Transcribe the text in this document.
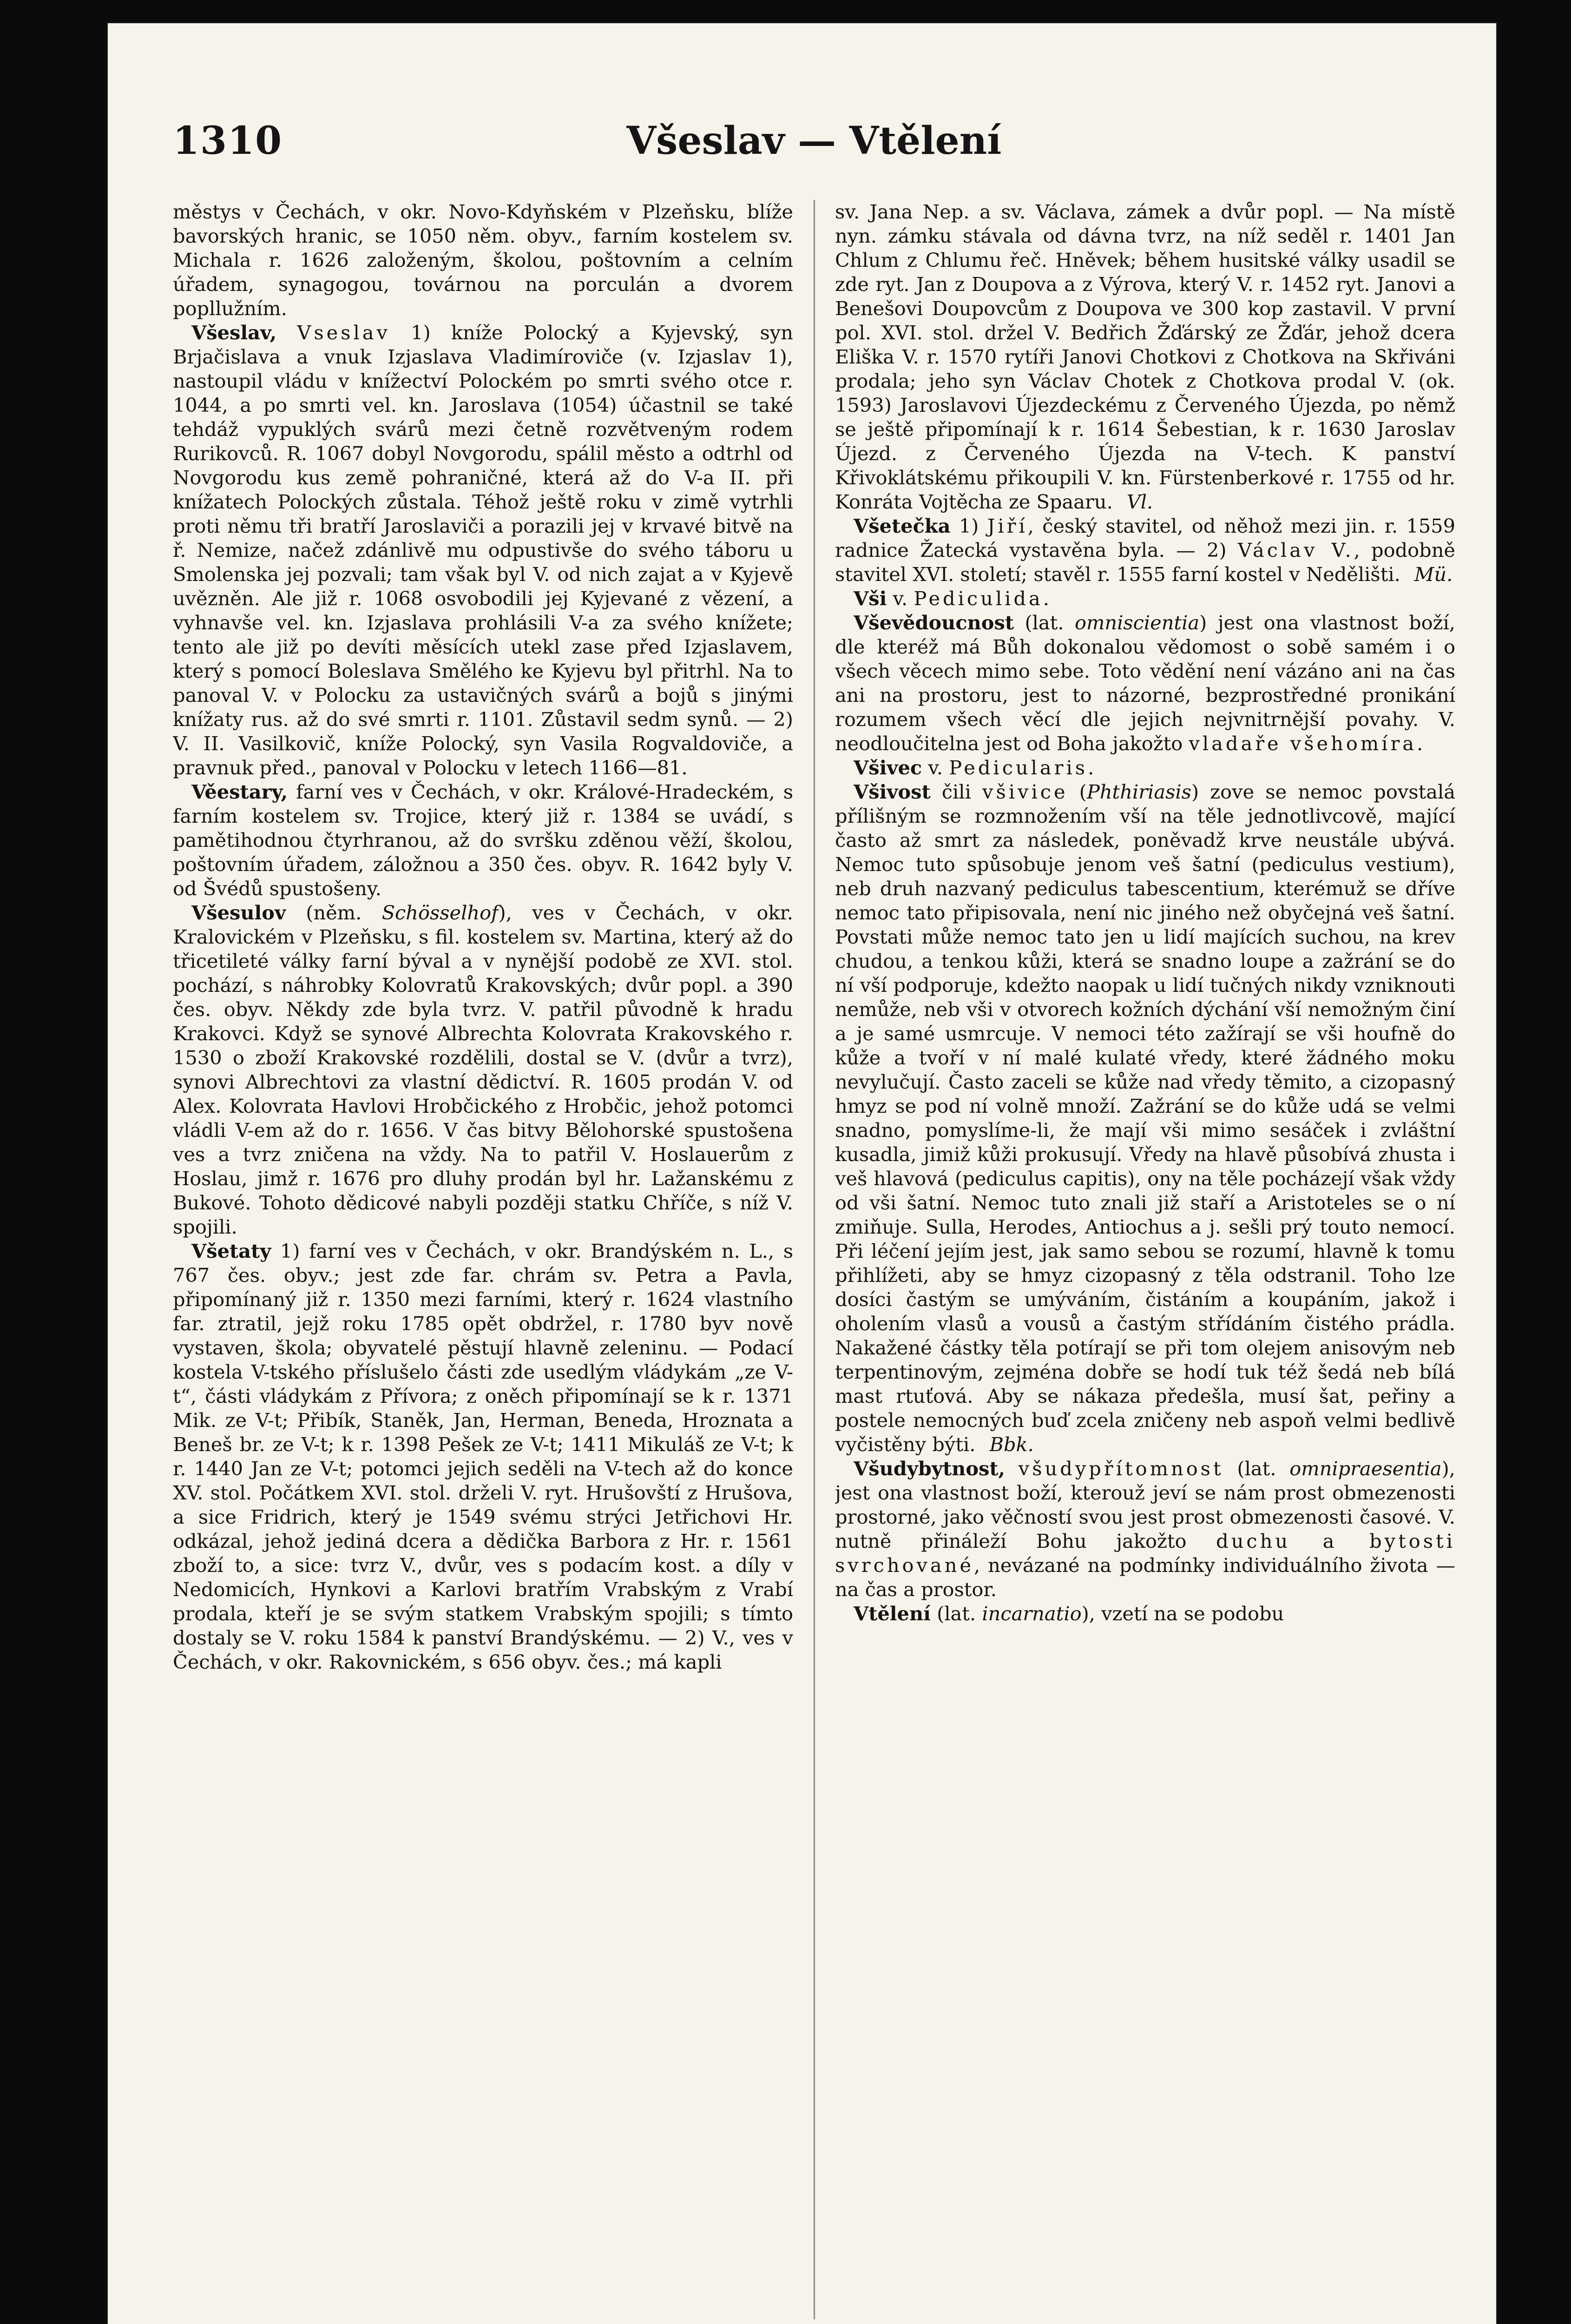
1310	Všeslav — Vtělení

městys v Čechách, v okr. Novo-Kdyňském v Plzeňsku, blíže bavorských hranic, se 1050 něm. obyv., farním kostelem sv. Michala r. 1626 založeným, školou, poštovním a celním úřadem, synagogou, továrnou na porculán a dvorem popllužním.

Všeslav, Vseslav 1) kníže Polocký a Kyjevský, syn Brjačislava a vnuk Izjaslava Vladimíroviče (v. Izjaslav 1), nastoupil vládu v knížectví Polockém po smrti svého otce r. 1044, a po smrti vel. kn. Jaroslava (1054) účastnil se také tehdáž vypuklých svárů mezi četně rozvětveným rodem Rurikovců. R. 1067 dobyl Novgorodu, spálil město a odtrhl od Novgorodu kus země pohraničné, která až do V-a II. při knížatech Polockých zůstala. Téhož ještě roku v zimě vytrhli proti němu tři bratří Jaroslaviči a porazili jej v krvavé bitvě na ř. Nemize, načež zdánlivě mu odpustivše do svého táboru u Smolenska jej pozvali; tam však byl V. od nich zajat a v Kyjevě uvězněn. Ale již r. 1068 osvobodili jej Kyjevané z vězení, a vyhnavše vel. kn. Izjaslava prohlásili V-a za svého knížete; tento ale již po devíti měsících utekl zase před Izjaslavem, který s pomocí Boleslava Smělého ke Kyjevu byl přitrhl. Na to panoval V. v Polocku za ustavičných svárů a bojů s jinými knížaty rus. až do své smrti r. 1101. Zůstavil sedm synů. — 2) V. II. Vasilkovič, kníže Polocký, syn Vasila Rogvaldoviče, a pravnuk před., panoval v Polocku v letech 1166—81.

Věestary, farní ves v Čechách, v okr. Králové-Hradeckém, s farním kostelem sv. Trojice, který již r. 1384 se uvádí, s pamětihodnou čtyrhranou, až do svršku zděnou věží, školou, poštovním úřadem, záložnou a 350 čes. obyv. R. 1642 byly V. od Švédů spustošeny.

Všesulov (něm. Schösselhof), ves v Čechách, v okr. Kralovickém v Plzeňsku, s fil. kostelem sv. Martina, který až do třicetileté války farní býval a v nynější podobě ze XVI. stol. pochází, s náhrobky Kolovratů Krakovských; dvůr popl. a 390 čes. obyv. Někdy zde byla tvrz. V. patřil původně k hradu Krakovci. Když se synové Albrechta Kolovrata Krakovského r. 1530 o zboží Krakovské rozdělili, dostal se V. (dvůr a tvrz), synovi Albrechtovi za vlastní dědictví. R. 1605 prodán V. od Alex. Kolovrata Havlovi Hrobčického z Hrobčic, jehož potomci vládli V-em až do r. 1656. V čas bitvy Bělohorské spustošena ves a tvrz zničena na vždy. Na to patřil V. Hoslauerům z Hoslau, jimž r. 1676 pro dluhy prodán byl hr. Lažanskému z Bukové. Tohoto dědicové nabyli později statku Chříče, s níž V. spojili.

Všetaty 1) farní ves v Čechách, v okr. Brandýském n. L., s 767 čes. obyv.; jest zde far. chrám sv. Petra a Pavla, připomínaný již r. 1350 mezi farními, který r. 1624 vlastního far. ztratil, jejž roku 1785 opět obdržel, r. 1780 byv nově vystaven, škola; obyvatelé pěstují hlavně zeleninu. — Podací kostela V-tského příslušelo části zde usedlým vládykám „ze V-t“, části vládykám z Přívora; z oněch připomínají se k r. 1371 Mik. ze V-t; Přibík, Staněk, Jan, Herman, Beneda, Hroznata a Beneš br. ze V-t; k r. 1398 Pešek ze V-t; 1411 Mikuláš ze V-t; k r. 1440 Jan ze V-t; potomci jejich seděli na V-tech až do konce XV. stol. Počátkem XVI. stol. drželi V. ryt. Hrušovští z Hrušova, a sice Fridrich, který je 1549 svému strýci Jetřichovi Hr. odkázal, jehož jediná dcera a dědička Barbora z Hr. r. 1561 zboží to, a sice: tvrz V., dvůr, ves s podacím kost. a díly v Nedomicích, Hynkovi a Karlovi bratřím Vrabským z Vrabí prodala, kteří je se svým statkem Vrabským spojili; s tímto dostaly se V. roku 1584 k panství Brandýskému. — 2) V., ves v Čechách, v okr. Rakovnickém, s 656 obyv. čes.; má kapli

sv. Jana Nep. a sv. Václava, zámek a dvůr popl. — Na místě nyn. zámku stávala od dávna tvrz, na níž seděl r. 1401 Jan Chlum z Chlumu řeč. Hněvek; během husitské války usadil se zde ryt. Jan z Doupova a z Výrova, který V. r. 1452 ryt. Janovi a Benešovi Doupovcům z Doupova ve 300 kop zastavil. V první pol. XVI. stol. držel V. Bedřich Žďárský ze Žďár, jehož dcera Eliška V. r. 1570 rytíři Janovi Chotkovi z Chotkova na Skřiváni prodala; jeho syn Václav Chotek z Chotkova prodal V. (ok. 1593) Jaroslavovi Újezdeckému z Červeného Újezda, po němž se ještě připomínají k r. 1614 Šebestian, k r. 1630 Jaroslav Újezd. z Červeného Újezda na V-tech. K panství Křivoklátskému přikoupili V. kn. Fürstenberkové r. 1755 od hr. Konráta Vojtěcha ze Spaaru. Vl.

Všetečka 1) Jiří, český stavitel, od něhož mezi jin. r. 1559 radnice Žatecká vystavěna byla. — 2) Václav V., podobně stavitel XVI. století; stavěl r. 1555 farní kostel v Nedělišti. Mü.

Vši v. Pediculida.

Vševědoucnost (lat. omniscientia) jest ona vlastnost boží, dle kteréž má Bůh dokonalou vědomost o sobě samém i o všech věcech mimo sebe. Toto vědění není vázáno ani na čas ani na prostoru, jest to názorné, bezprostředné pronikání rozumem všech věcí dle jejich nejvnitrnější povahy. V. neodloučitelna jest od Boha jakožto vladaře všehomíra.

Všivec v. Pedicularis.

Všivost čili všivice (Phthiriasis) zove se nemoc povstalá přílišným se rozmnožením vší na těle jednotlivcově, mající často až smrt za následek, poněvadž krve neustále ubývá. Nemoc tuto spůsobuje jenom veš šatní (pediculus vestium), neb druh nazvaný pediculus tabescentium, kterémuž se dříve nemoc tato připisovala, není nic jiného než obyčejná veš šatní. Povstati může nemoc tato jen u lidí majících suchou, na krev chudou, a tenkou kůži, která se snadno loupe a zažrání se do ní vší podporuje, kdežto naopak u lidí tučných nikdy vzniknouti nemůže, neb vši v otvorech kožních dýchání vší nemožným činí a je samé usmrcuje. V nemoci této zažírají se vši houfně do kůže a tvoří v ní malé kulaté vředy, které žádného moku nevylučují. Často zaceli se kůže nad vředy těmito, a cizopasný hmyz se pod ní volně množí. Zažrání se do kůže udá se velmi snadno, pomyslíme-li, že mají vši mimo sesáček i zvláštní kusadla, jimiž kůži prokusují. Vředy na hlavě působívá zhusta i veš hlavová (pediculus capitis), ony na těle pocházejí však vždy od vši šatní. Nemoc tuto znali již staří a Aristoteles se o ní zmiňuje. Sulla, Herodes, Antiochus a j. sešli prý touto nemocí. Při léčení jejím jest, jak samo sebou se rozumí, hlavně k tomu přihlížeti, aby se hmyz cizopasný z těla odstranil. Toho lze dosíci častým se umýváním, čistáním a koupáním, jakož i oholením vlasů a vousů a častým střídáním čistého prádla. Nakažené částky těla potírají se při tom olejem anisovým neb terpentinovým, zejména dobře se hodí tuk též šedá neb bílá mast rtuťová. Aby se nákaza předešla, musí šat, peřiny a postele nemocných buď zcela zničeny neb aspoň velmi bedlivě vyčistěny býti. Bbk.

Všudybytnost, všudypřítomnost (lat. omnipraesentia), jest ona vlastnost boží, kterouž jeví se nám prost obmezenosti prostorné, jako věčností svou jest prost obmezenosti časové. V. nutně přináleží Bohu jakožto duchu a bytosti svrchované, nevázané na podmínky individuálního života — na čas a prostor.

Vtělení (lat. incarnatio), vzetí na se podobu
